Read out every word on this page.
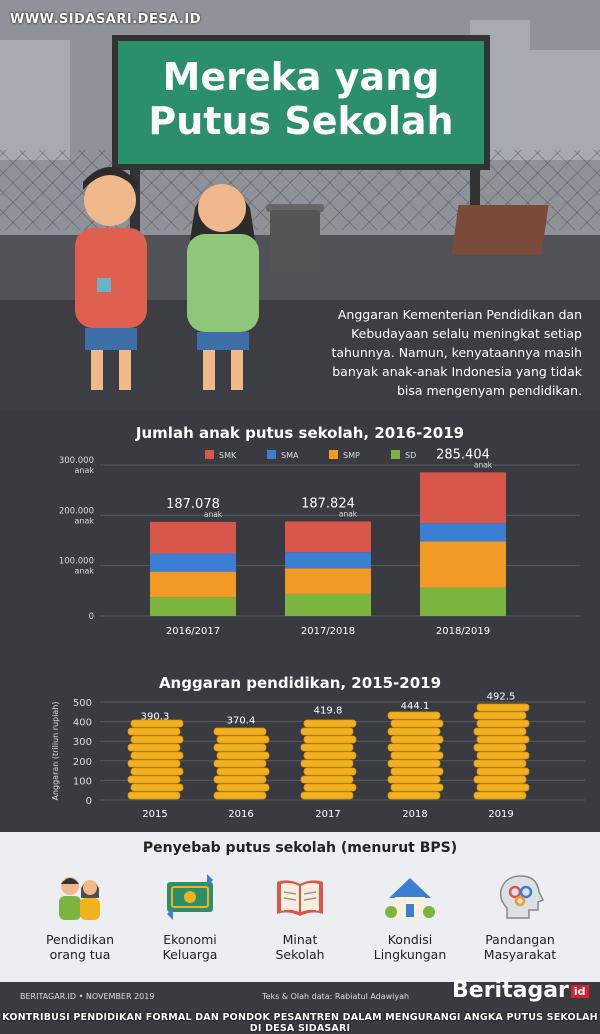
Mereka yang
Putus Sekolah
WWW.SIDASARI.DESA.ID
Anggaran Kementerian Pendidikan dan
Kebudayaan selalu meningkat setiap
tahunnya. Namun, kenyataannya masih
banyak anak-anak Indonesia yang tidak
bisa mengenyam pendidikan.
Jumlah anak putus sekolah, 2016-2019
SMK	SMA	SMP	SD
0
100.000
anak
200.000
anak
300.000
anak
187.078
anak
2016/2017
187.824
anak
2017/2018
285.404
anak
2018/2019
Anggaran pendidikan, 2015-2019
Anggaran (triliun rupiah)
0
100
200
300
400
500
390.3
2015
370.4
2016
419.8
2017
444.1
2018
492.5
2019
Penyebab putus sekolah (menurut BPS)
Pendidikan
orang tua
Ekonomi
Keluarga
Minat
Sekolah
Kondisi
Lingkungan
Pandangan
Masyarakat
BERITAGAR.ID • NOVEMBER 2019	Teks & Olah data: Rabiatul Adawiyah Beritagar id
KONTRIBUSI PENDIDIKAN FORMAL DAN PONDOK PESANTREN DALAM MENGURANGI ANGKA PUTUS SEKOLAH DI DESA SIDASARI
